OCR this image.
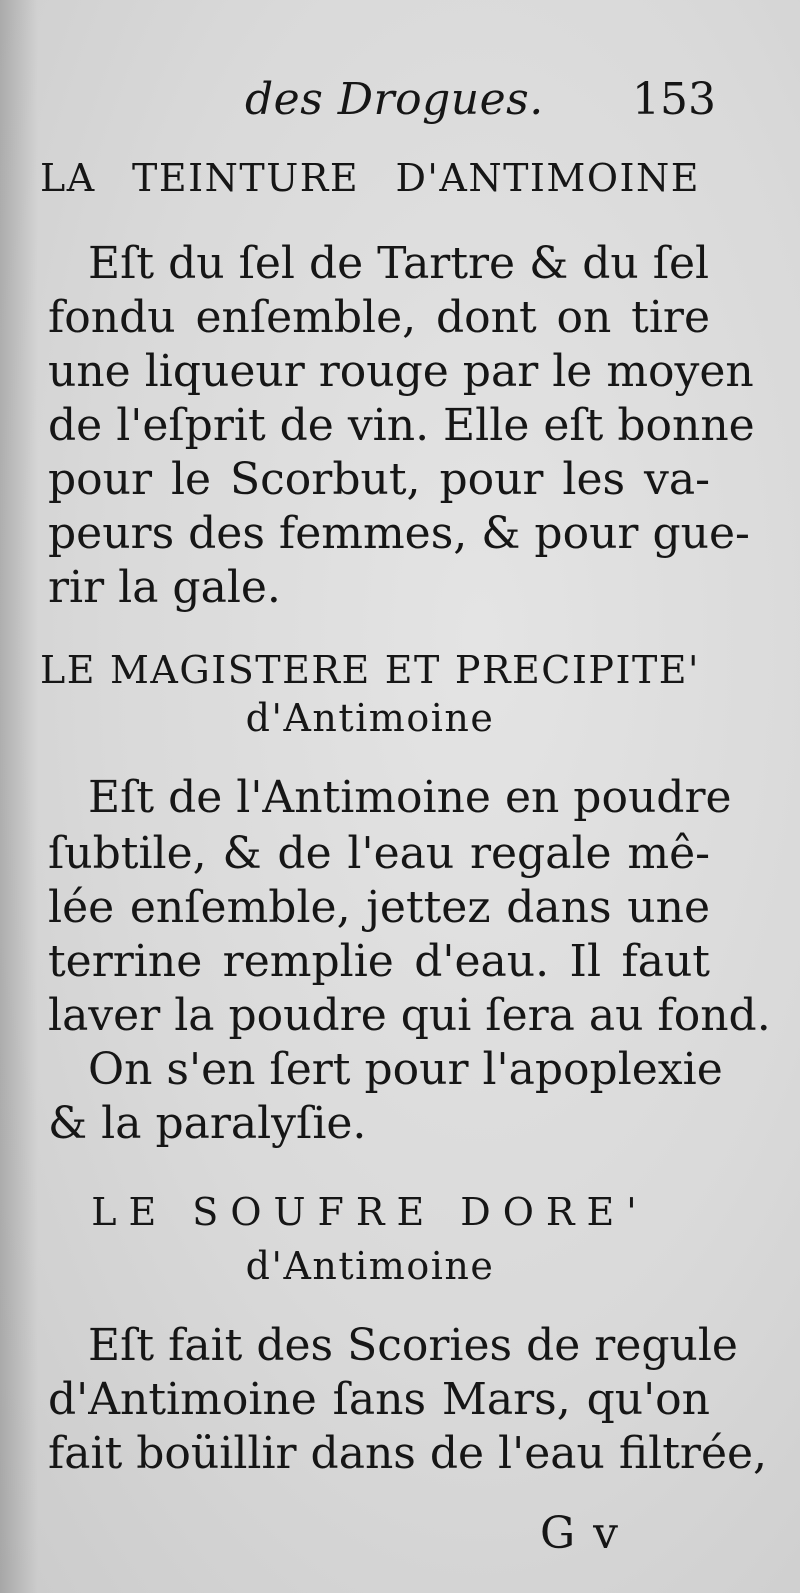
des Drogues. 153
LA TEINTURE D'ANTIMOINE
Eſt du ſel de Tartre & du ſel
fondu enſemble, dont on tire
une liqueur rouge par le moyen
de l'eſprit de vin. Elle eſt bonne
pour le Scorbut, pour les va-
peurs des femmes, & pour gue-
rir la gale.
LE MAGISTERE ET PRECIPITE'
d'Antimoine
Eſt de l'Antimoine en poudre
ſubtile, & de l'eau regale mê-
lée enſemble, jettez dans une
terrine remplie d'eau. Il faut
laver la poudre qui ſera au fond.
On s'en ſert pour l'apoplexie
& la paralyſie.
LE SOUFRE DORE'
d'Antimoine
Eſt fait des Scories de regule
d'Antimoine ſans Mars, qu'on
fait boüillir dans de l'eau filtrée,
G v
